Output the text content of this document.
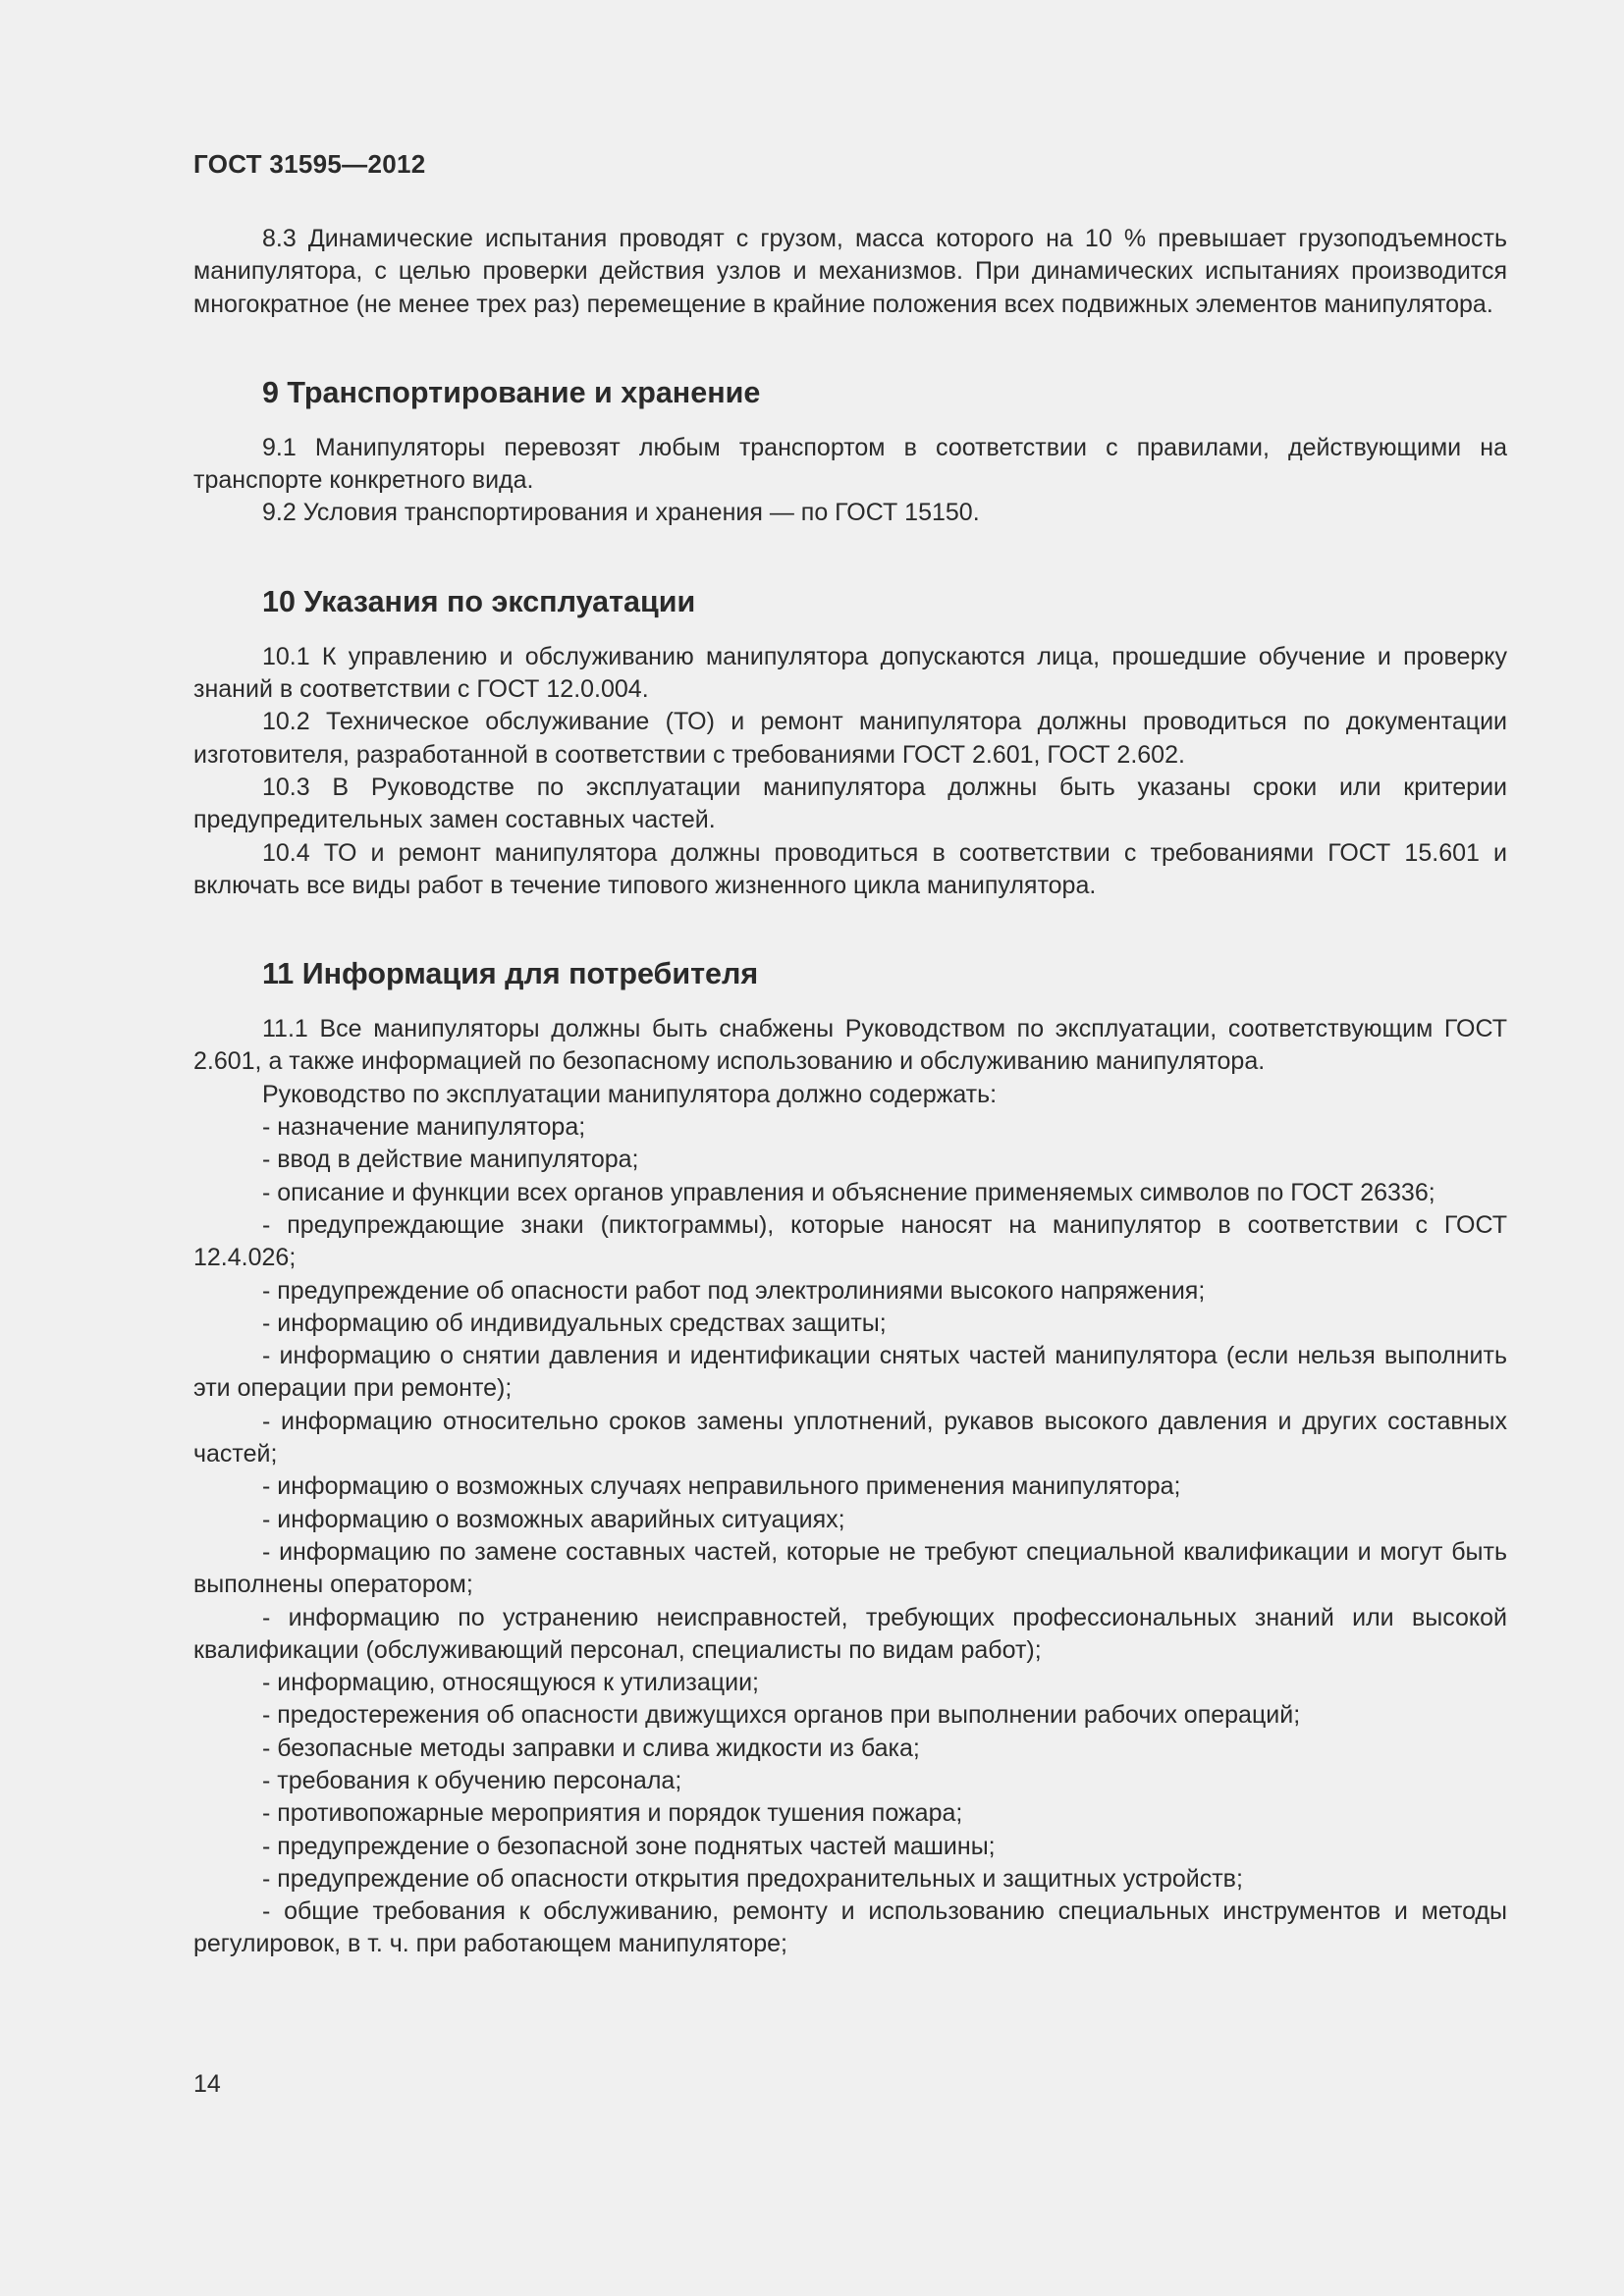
ГОСТ 31595—2012

8.3 Динамические испытания проводят с грузом, масса которого на 10 % превышает грузоподъемность манипулятора, с целью проверки действия узлов и механизмов. При динамических испытаниях производится многократное (не менее трех раз) перемещение в крайние положения всех подвижных элементов манипулятора.

9 Транспортирование и хранение

9.1 Манипуляторы перевозят любым транспортом в соответствии с правилами, действующими на транспорте конкретного вида.

9.2 Условия транспортирования и хранения — по ГОСТ 15150.

10 Указания по эксплуатации

10.1 К управлению и обслуживанию манипулятора допускаются лица, прошедшие обучение и проверку знаний в соответствии с ГОСТ 12.0.004.

10.2 Техническое обслуживание (ТО) и ремонт манипулятора должны проводиться по документации изготовителя, разработанной в соответствии с требованиями ГОСТ 2.601, ГОСТ 2.602.

10.3 В Руководстве по эксплуатации манипулятора должны быть указаны сроки или критерии предупредительных замен составных частей.

10.4 ТО и ремонт манипулятора должны проводиться в соответствии с требованиями ГОСТ 15.601 и включать все виды работ в течение типового жизненного цикла манипулятора.

11 Информация для потребителя

11.1 Все манипуляторы должны быть снабжены Руководством по эксплуатации, соответствующим ГОСТ 2.601, а также информацией по безопасному использованию и обслуживанию манипулятора.

Руководство по эксплуатации манипулятора должно содержать:

- назначение манипулятора;

- ввод в действие манипулятора;

- описание и функции всех органов управления и объяснение применяемых символов по ГОСТ 26336;

- предупреждающие знаки (пиктограммы), которые наносят на манипулятор в соответствии с ГОСТ 12.4.026;

- предупреждение об опасности работ под электролиниями высокого напряжения;

- информацию об индивидуальных средствах защиты;

- информацию о снятии давления и идентификации снятых частей манипулятора (если нельзя выполнить эти операции при ремонте);

- информацию относительно сроков замены уплотнений, рукавов высокого давления и других составных частей;

- информацию о возможных случаях неправильного применения манипулятора;

- информацию о возможных аварийных ситуациях;

- информацию по замене составных частей, которые не требуют специальной квалификации и могут быть выполнены оператором;

- информацию по устранению неисправностей, требующих профессиональных знаний или высокой квалификации (обслуживающий персонал, специалисты по видам работ);

- информацию, относящуюся к утилизации;

- предостережения об опасности движущихся органов при выполнении рабочих операций;

- безопасные методы заправки и слива жидкости из бака;

- требования к обучению персонала;

- противопожарные мероприятия и порядок тушения пожара;

- предупреждение о безопасной зоне поднятых частей машины;

- предупреждение об опасности открытия предохранительных и защитных устройств;

- общие требования к обслуживанию, ремонту и использованию специальных инструментов и методы регулировок, в т. ч. при работающем манипуляторе;

14
